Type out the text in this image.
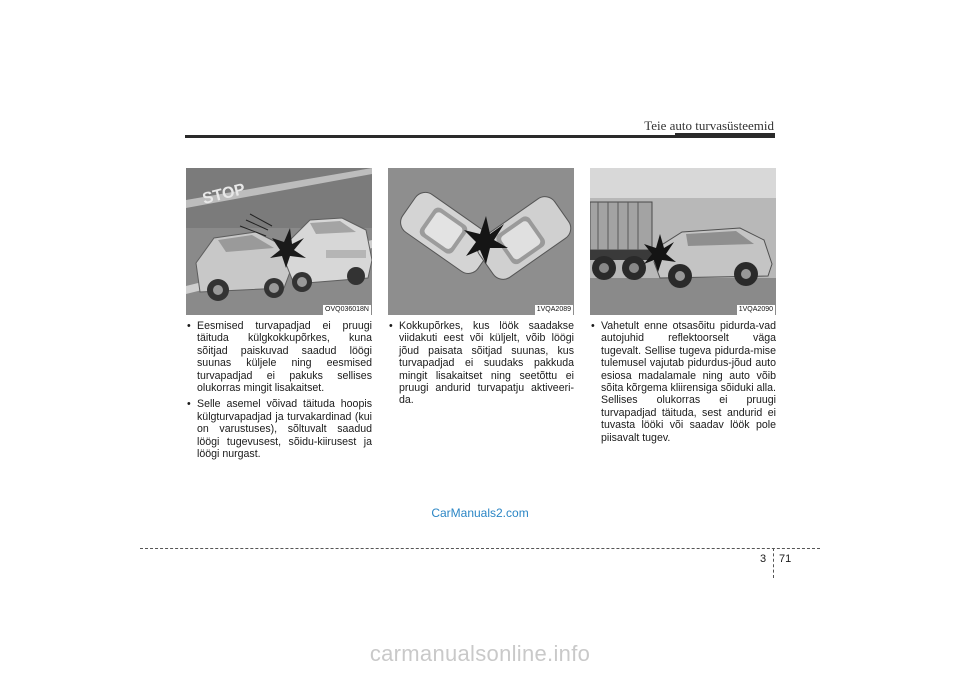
Teie auto turvasüsteemid
STOP
OVQ036018N	1VQA2089	1VQA2090

• Eesmised turvapadjad ei pruugi täituda külgkokkupõrkes, kuna sõitjad paiskuvad saadud löögi suunas küljele ning eesmised turvapadjad ei pakuks sellises olukorras mingit lisakaitset.

• Selle asemel võivad täituda hoopis külgturvapadjad ja turvakardinad (kui on varustuses), sõltuvalt saadud löögi tugevusest, sõidu-kiirusest ja löögi nurgast.

• Kokkupõrkes, kus löök saadakse viidakuti eest või küljelt, võib löögi jõud paisata sõitjad suunas, kus turvapadjad ei suudaks pakkuda mingit lisakaitset ning seetõttu ei pruugi andurid turvapatju aktiveeri-da.

• Vahetult enne otsasõitu pidurda-vad autojuhid reflektoorselt väga tugevalt. Sellise tugeva pidurda-mise tulemusel vajutab pidurdus-jõud auto esiosa madalamale ning auto võib sõita kõrgema kliirensiga sõiduki alla. Sellises olukorras ei pruugi turvapadjad täituda, sest andurid ei tuvasta lööki või saadav löök pole piisavalt tugev.

CarManuals2.com
3 71
carmanualsonline.info
